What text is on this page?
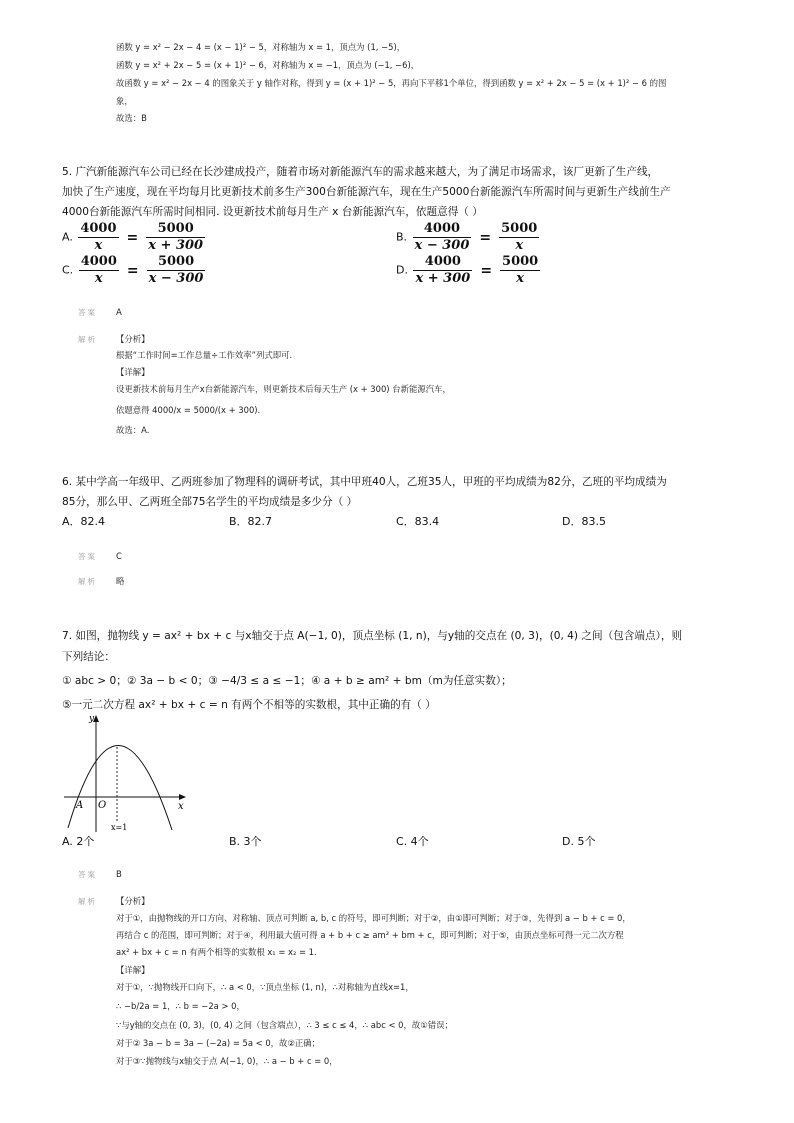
函数 y = x² − 2x − 4 = (x − 1)² − 5，对称轴为 x = 1，顶点为 (1, −5)，
函数 y = x² + 2x − 5 = (x + 1)² − 6，对称轴为 x = −1，顶点为 (−1, −6)，
故函数 y = x² − 2x − 4 的图象关于 y 轴作对称，得到 y = (x + 1)² − 5，再向下平移1个单位，得到函数 y = x² + 2x − 5 = (x + 1)² − 6 的图
象，
故选：B
5. 广汽新能源汽车公司已经在长沙建成投产，随着市场对新能源汽车的需求越来越大，为了满足市场需求，该厂更新了生产线，
加快了生产速度，现在平均每月比更新技术前多生产300台新能源汽车，现在生产5000台新能源汽车所需时间与更新生产线前生产
4000台新能源汽车所需时间相同. 设更新技术前每月生产 x 台新能源汽车，依题意得（ ）
A. $\frac{4000}{x} = \frac{5000}{x + 300}$	B. $\frac{4000}{x - 300} = \frac{5000}{x}$
C. $\frac{4000}{x} = \frac{5000}{x - 300}$	D. $\frac{4000}{x + 300} = \frac{5000}{x}$
答案 A
解析 【分析】
根据“工作时间=工作总量÷工作效率”列式即可.
【详解】
设更新技术前每月生产x台新能源汽车，则更新技术后每天生产 (x + 300) 台新能源汽车，
依题意得 4000/x = 5000/(x + 300).
故选：A.
6. 某中学高一年级甲、乙两班参加了物理科的调研考试，其中甲班40人，乙班35人，甲班的平均成绩为82分，乙班的平均成绩为
85分，那么甲、乙两班全部75名学生的平均成绩是多少分（ ）
A．82.4	B．82.7	C．83.4	D．83.5
答案 C
解析 略
7. 如图，抛物线 y = ax² + bx + c 与x轴交于点 A(−1, 0)，顶点坐标 (1, n)，与y轴的交点在 (0, 3)，(0, 4) 之间（包含端点），则
下列结论：
① abc > 0；② 3a − b < 0；③ −4/3 ≤ a ≤ −1；④ a + b ≥ am² + bm（m为任意实数）；
⑤一元二次方程 ax² + bx + c = n 有两个不相等的实数根，其中正确的有（ ）
y
x
A O
x=1
A. 2个	B. 3个	C. 4个	D. 5个
答案 B
解析 【分析】
对于①，由抛物线的开口方向、对称轴、顶点可判断 a, b, c 的符号，即可判断；对于②，由①即可判断；对于③，先得到 a − b + c = 0，
再结合 c 的范围，即可判断；对于④，利用最大值可得 a + b + c ≥ am² + bm + c，即可判断；对于⑤，由顶点坐标可得一元二次方程
ax² + bx + c = n 有两个相等的实数根 x₁ = x₂ = 1.
【详解】
对于①，∵抛物线开口向下，∴ a < 0，∵顶点坐标 (1, n)，∴对称轴为直线x=1，
∴ −b/2a = 1，∴ b = −2a > 0，
∵与y轴的交点在 (0, 3)，(0, 4) 之间（包含端点），∴ 3 ≤ c ≤ 4，∴ abc < 0，故①错误；
对于② 3a − b = 3a − (−2a) = 5a < 0，故②正确；
对于③∵抛物线与x轴交于点 A(−1, 0)，∴ a − b + c = 0，
